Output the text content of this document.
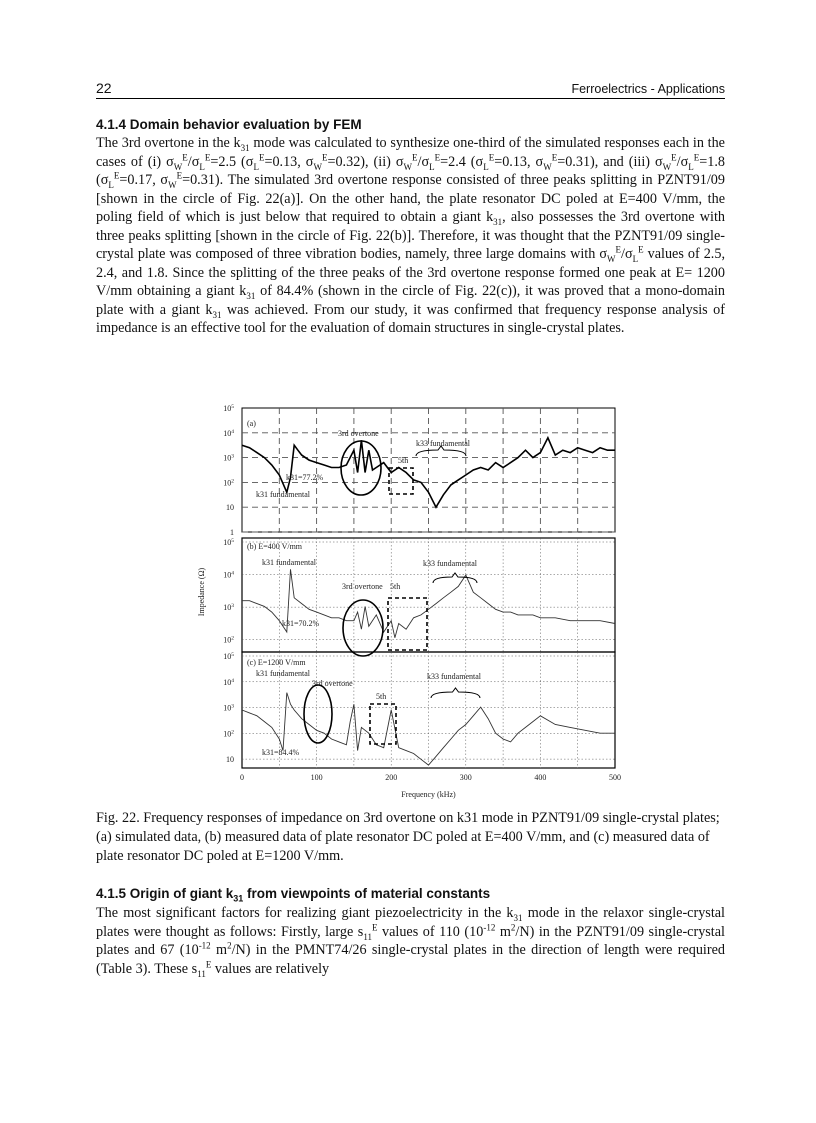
22	Ferroelectrics - Applications
4.1.4 Domain behavior evaluation by FEM

The 3rd overtone in the $k_{31}$ mode was calculated to synthesize one-third of the simulated responses each in the cases of (i) $\sigma_W^E/\sigma_L^E=2.5$ ($\sigma_L^E=0.13$, $\sigma_W^E=0.32$), (ii) $\sigma_W^E/\sigma_L^E=2.4$ ($\sigma_L^E=0.13$, $\sigma_W^E=0.31$), and (iii) $\sigma_W^E/\sigma_L^E=1.8$ ($\sigma_L^E=0.17$, $\sigma_W^E=0.31$). The simulated 3rd overtone response consisted of three peaks splitting in PZNT91/09 [shown in the circle of Fig. 22(a)]. On the other hand, the plate resonator DC poled at E=400 V/mm, the poling field of which is just below that required to obtain a giant $k_{31}$, also possesses the 3rd overtone with three peaks splitting [shown in the circle of Fig. 22(b)]. Therefore, it was thought that the PZNT91/09 single-crystal plate was composed of three vibration bodies, namely, three large domains with $\sigma_W^E/\sigma_L^E$ values of 2.5, 2.4, and 1.8. Since the splitting of the three peaks of the 3rd overtone response formed one peak at E= 1200 V/mm obtaining a giant $k_{31}$ of 84.4% (shown in the circle of Fig. 22(c)), it was proved that a mono-domain plate with a giant $k_{31}$ was achieved. From our study, it was confirmed that frequency response analysis of impedance is an effective tool for the evaluation of domain structures in single-crystal plates.

(a)
3rd overtone
k33 fundamental
5th
k31=77.2%
k31 fundamental
(b) E=400 V/mm
k31 fundamental	k33 fundamental
3rd overtone 5th
k31=70.2%
(c) E=1200 V/mm
k31 fundamental
3rd overtone
k33 fundamental
5th
k31=84.4%
$10^5$
$10^4$
$10^3$
$10^2$
10
1
$10^5$
$10^4$
$10^3$
$10^2$
$10^5$
$10^4$
$10^3$
$10^2$
10
0	100	200	300	400	500
Frequency (kHz)
Impedance (Ω)

Fig. 22. Frequency responses of impedance on 3rd overtone on k31 mode in PZNT91/09 single-crystal plates; (a) simulated data, (b) measured data of plate resonator DC poled at E=400 V/mm, and (c) measured data of plate resonator DC poled at E=1200 V/mm.

4.1.5 Origin of giant $k_{31}$ from viewpoints of material constants

The most significant factors for realizing giant piezoelectricity in the $k_{31}$ mode in the relaxor single-crystal plates were thought as follows: Firstly, large $s_{11}^E$ values of 110 ($10^{-12}$ $m^2/N$) in the PZNT91/09 single-crystal plates and 67 ($10^{-12}$ $m^2/N$) in the PMNT74/26 single-crystal plates in the direction of length were required (Table 3). These $s_{11}^E$ values are relatively
